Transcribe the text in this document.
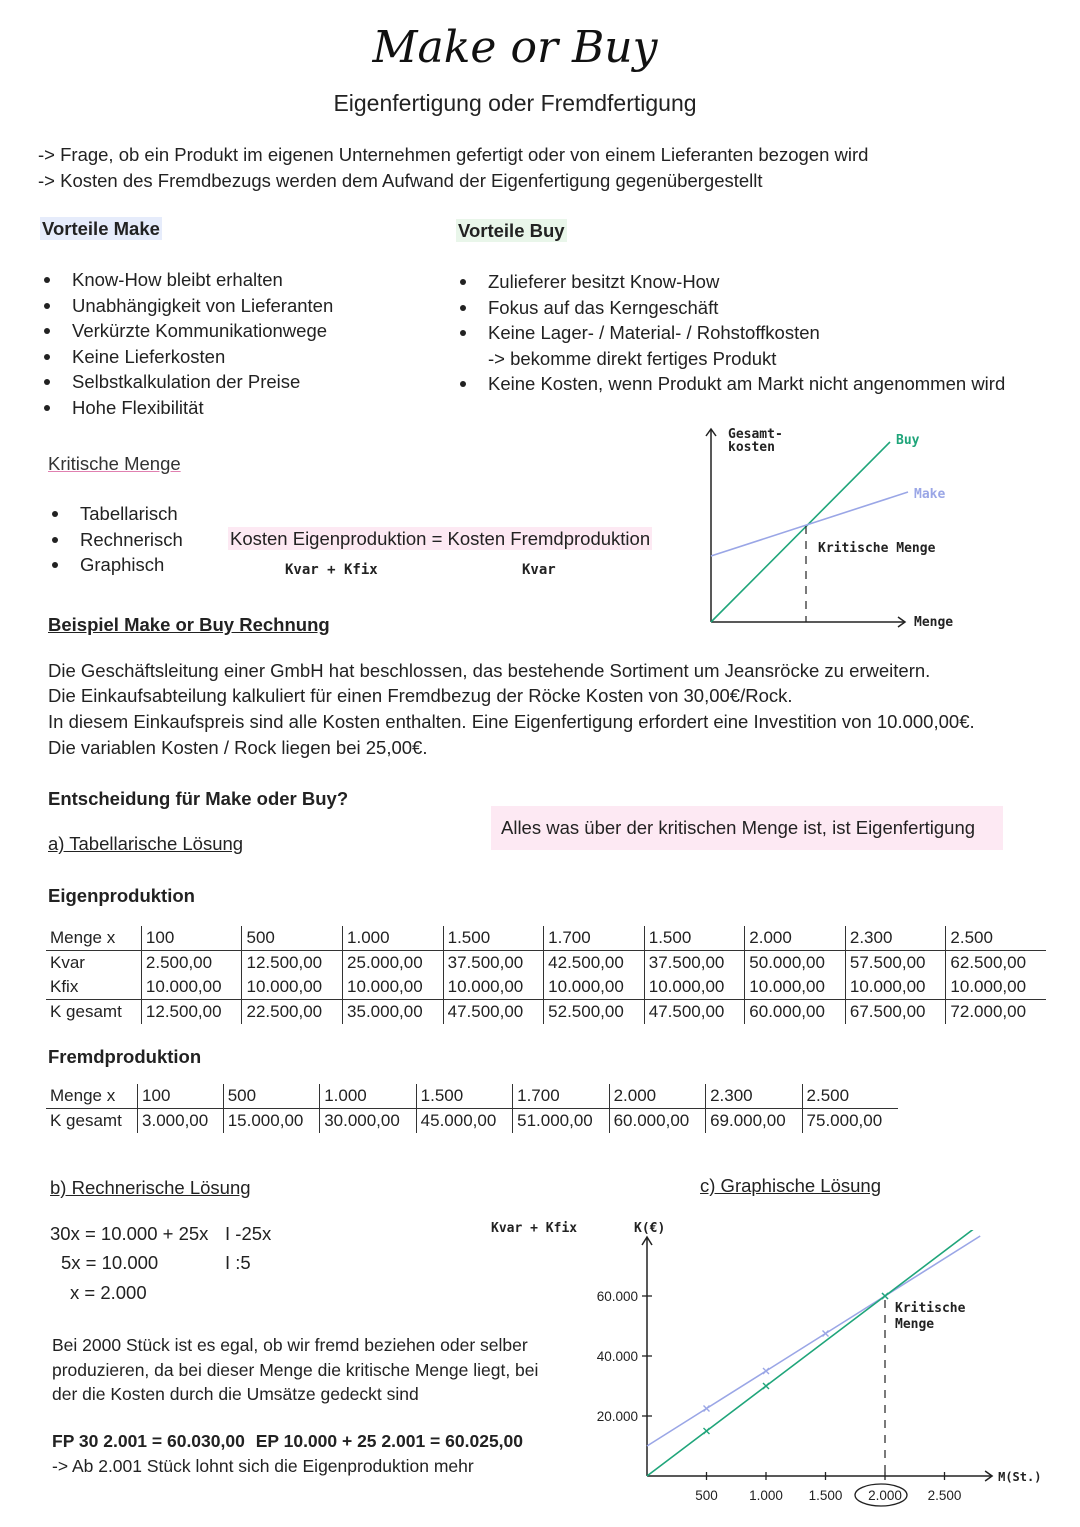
Make or Buy
Eigenfertigung oder Fremdfertigung
-> Frage, ob ein Produkt im eigenen Unternehmen gefertigt oder von einem Lieferanten bezogen wird
-> Kosten des Fremdbezugs werden dem Aufwand der Eigenfertigung gegenübergestellt
Vorteile Make
Know-How bleibt erhalten
Unabhängigkeit von Lieferanten
Verkürzte Kommunikationwege
Keine Lieferkosten
Selbstkalkulation der Preise
Hohe Flexibilität
Vorteile Buy
Zulieferer besitzt Know-How
Fokus auf das Kerngeschäft
Keine Lager- / Material- / Rohstoffkosten
-> bekomme direkt fertiges Produkt
Keine Kosten, wenn Produkt am Markt nicht angenommen wird
Kritische Menge
Tabellarisch
Rechnerisch
Graphisch
Kosten Eigenproduktion = Kosten Fremdproduktion
Kvar + Kfix	Kvar
Gesamt-
kosten	Buy
Make
Kritische Menge
Menge
Beispiel Make or Buy Rechnung
Die Geschäftsleitung einer GmbH hat beschlossen, das bestehende Sortiment um Jeansröcke zu erweitern.
Die Einkaufsabteilung kalkuliert für einen Fremdbezug der Röcke Kosten von 30,00€/Rock.
In diesem Einkaufspreis sind alle Kosten enthalten. Eine Eigenfertigung erfordert eine Investition von 10.000,00€.
Die variablen Kosten / Rock liegen bei 25,00€.
Entscheidung für Make oder Buy?
Alles was über der kritischen Menge ist, ist Eigenfertigung
a) Tabellarische Lösung
Eigenproduktion
Menge x	100	500	1.000	1.500	1.700	1.500	2.000	2.300	2.500
Kvar	2.500,00	12.500,00	25.000,00	37.500,00	42.500,00	37.500,00	50.000,00	57.500,00	62.500,00
Kfix	10.000,00	10.000,00	10.000,00	10.000,00	10.000,00	10.000,00	10.000,00	10.000,00	10.000,00
K gesamt	12.500,00	22.500,00	35.000,00	47.500,00	52.500,00	47.500,00	60.000,00	67.500,00	72.000,00
Fremdproduktion
Menge x	100	500	1.000	1.500	1.700	2.000	2.300	2.500
K gesamt	3.000,00	15.000,00	30.000,00	45.000,00	51.000,00	60.000,00	69.000,00	75.000,00
b) Rechnerische Lösung
30x = 10.000 + 25x I -25x
5x = 10.000	I :5
x = 2.000
Bei 2000 Stück ist es egal, ob wir fremd beziehen oder selber
produzieren, da bei dieser Menge die kritische Menge liegt, bei
der die Kosten durch die Umsätze gedeckt sind
FP 30 2.001 = 60.030,00 EP 10.000 + 25 2.001 = 60.025,00
-> Ab 2.001 Stück lohnt sich die Eigenproduktion mehr
c) Graphische Lösung
Kvar + Kfix	K(€)
500 1.000 1.500 2.000 2.500
20.000
40.000
60.000
M(St.)
Kritische
Menge
